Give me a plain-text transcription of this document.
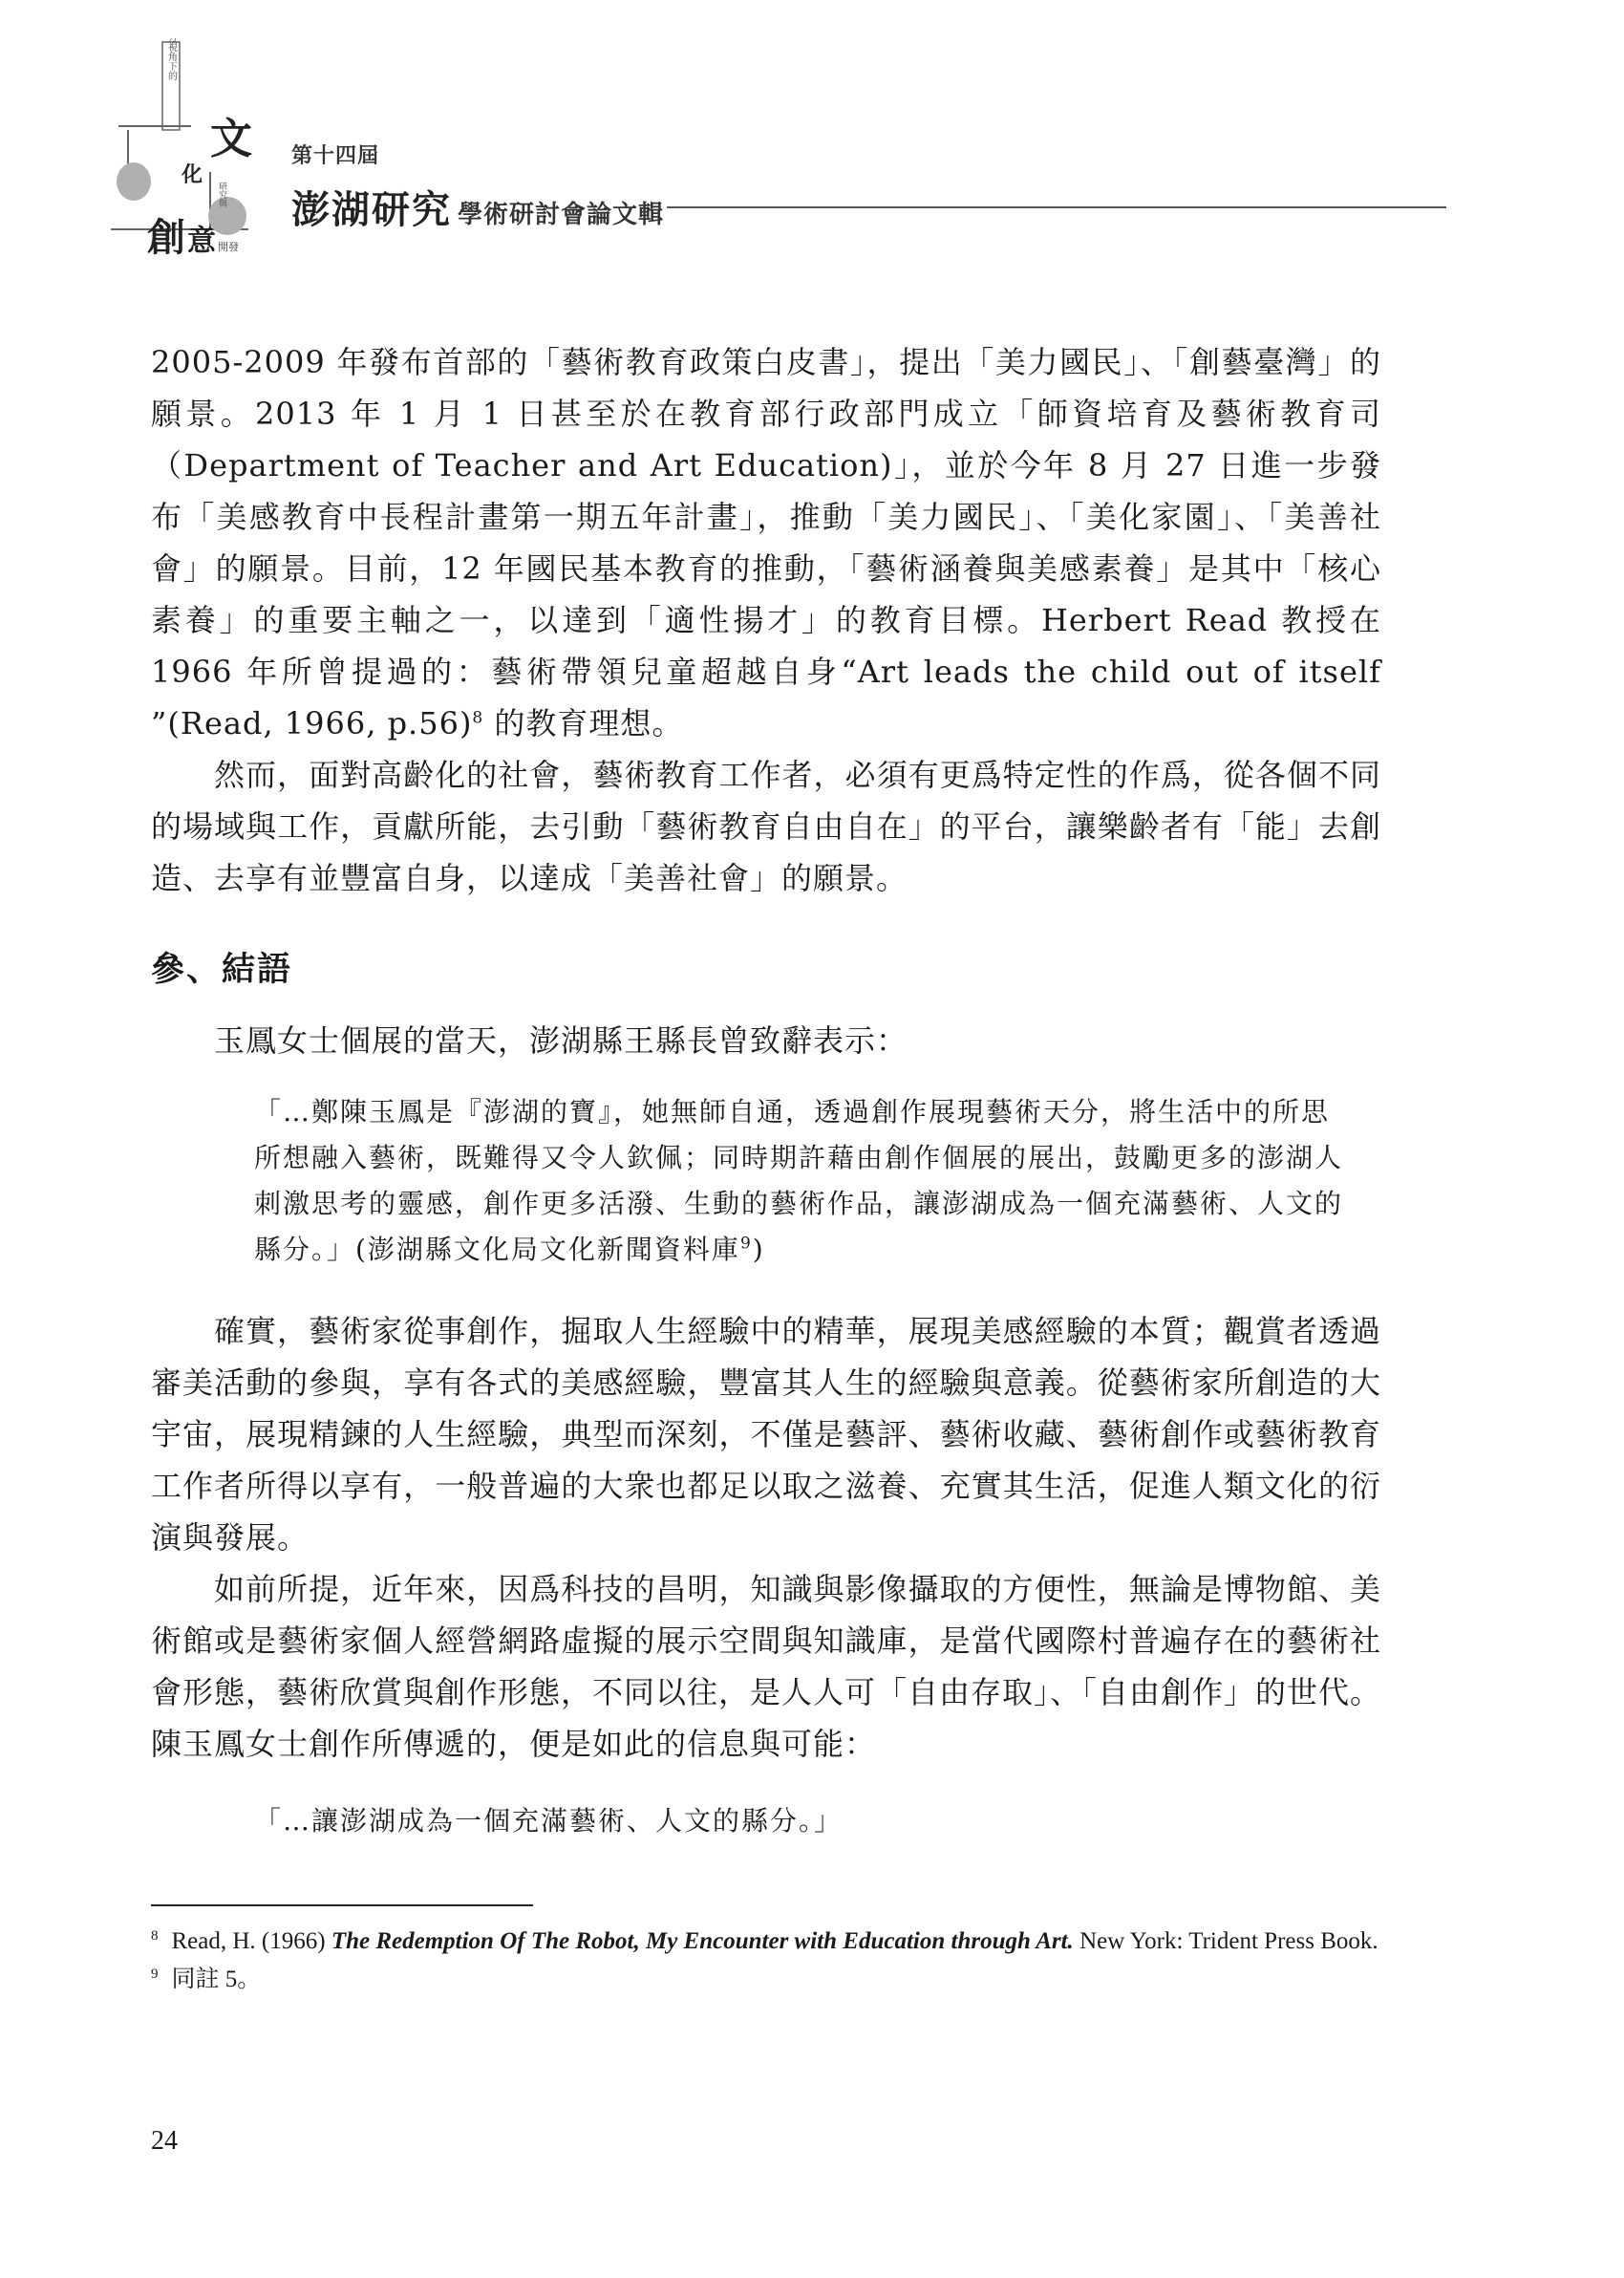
地方視角下的
文
化
研究與
創 意 開發
第十四屆
澎湖研究 學術研討會論文輯

2005-2009 年發布首部的「藝術教育政策白皮書」，提出「美力國民」、「創藝臺灣」的願景。2013 年 1 月 1 日甚至於在教育部行政部門成立「師資培育及藝術教育司（Department of Teacher and Art Education)」，並於今年 8 月 27 日進一步發布「美感教育中長程計畫第一期五年計畫」，推動「美力國民」、「美化家園」、「美善社會」的願景。目前，12 年國民基本教育的推動，「藝術涵養與美感素養」是其中「核心素養」的重要主軸之一，以達到「適性揚才」的教育目標。Herbert Read 教授在 1966 年所曾提過的：藝術帶領兒童超越自身“Art leads the child out of itself ”(Read, 1966, p.56)$^8$ 的教育理想。

然而，面對高齡化的社會，藝術教育工作者，必須有更爲特定性的作爲，從各個不同的場域與工作，貢獻所能，去引動「藝術教育自由自在」的平台，讓樂齡者有「能」去創造、去享有並豐富自身，以達成「美善社會」的願景。

參、結語

玉鳳女士個展的當天，澎湖縣王縣長曾致辭表示：

「…鄭陳玉鳳是『澎湖的寶』，她無師自通，透過創作展現藝術天分，將生活中的所思所想融入藝術，既難得又令人欽佩；同時期許藉由創作個展的展出，鼓勵更多的澎湖人刺激思考的靈感，創作更多活潑、生動的藝術作品，讓澎湖成為一個充滿藝術、人文的縣分。」(澎湖縣文化局文化新聞資料庫$^9$)

確實，藝術家從事創作，掘取人生經驗中的精華，展現美感經驗的本質；觀賞者透過審美活動的參與，享有各式的美感經驗，豐富其人生的經驗與意義。從藝術家所創造的大宇宙，展現精鍊的人生經驗，典型而深刻，不僅是藝評、藝術收藏、藝術創作或藝術教育工作者所得以享有，一般普遍的大衆也都足以取之滋養、充實其生活，促進人類文化的衍演與發展。

如前所提，近年來，因爲科技的昌明，知識與影像攝取的方便性，無論是博物館、美術館或是藝術家個人經營網路虛擬的展示空間與知識庫，是當代國際村普遍存在的藝術社會形態，藝術欣賞與創作形態，不同以往，是人人可「自由存取」、「自由創作」的世代。陳玉鳳女士創作所傳遞的，便是如此的信息與可能：

「…讓澎湖成為一個充滿藝術、人文的縣分。」

$^8$ Read, H. (1966) The Redemption Of The Robot, My Encounter with Education through Art. New York: Trident Press Book.
$^9$ 同註 5。
24
